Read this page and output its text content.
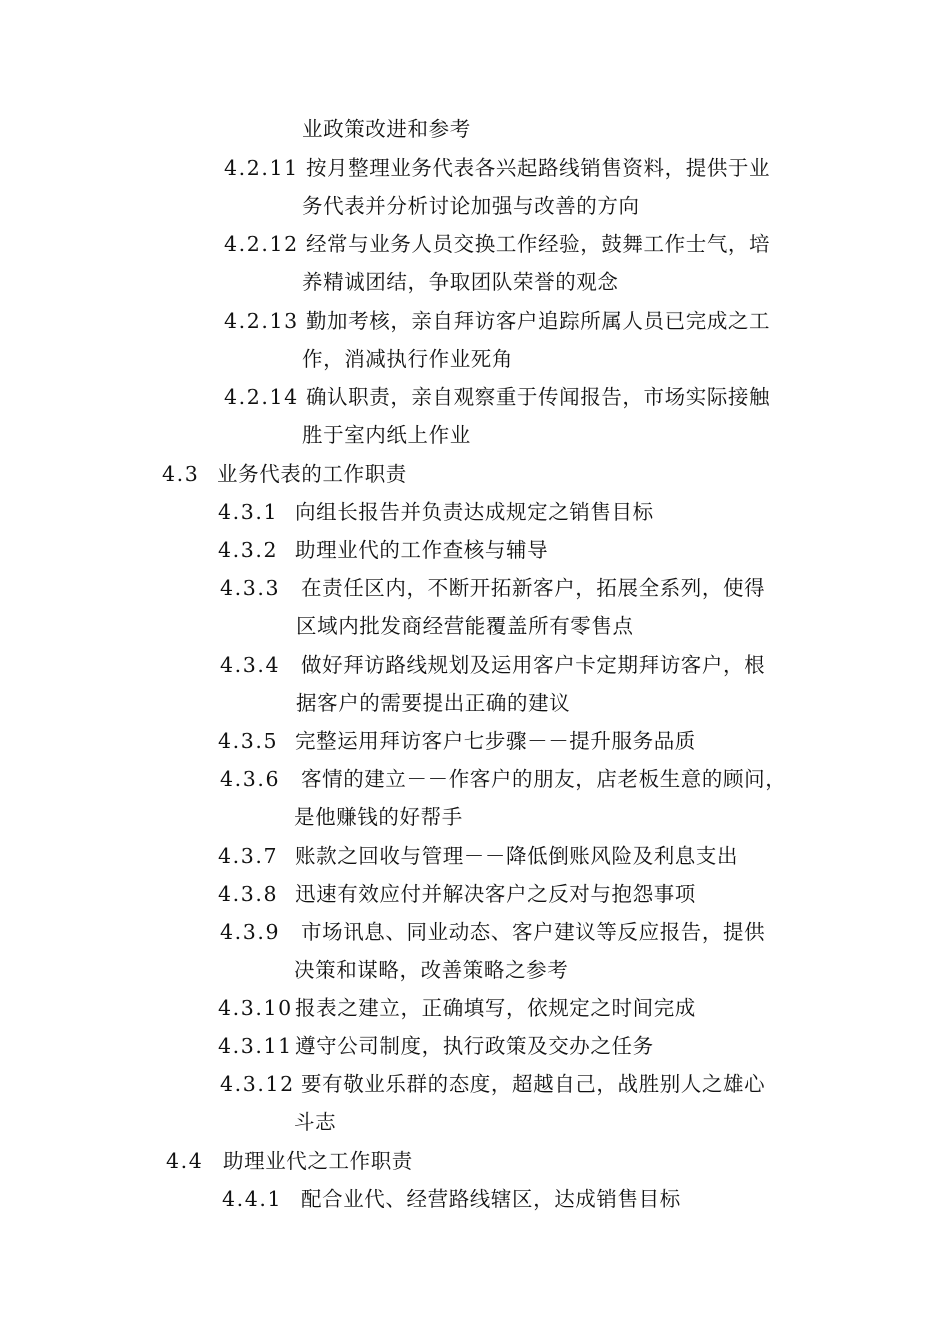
业政策改进和参考
4.2.11 按月整理业务代表各兴起路线销售资料，提供于业
务代表并分析讨论加强与改善的方向
4.2.12 经常与业务人员交换工作经验，鼓舞工作士气，培
养精诚团结，争取团队荣誉的观念
4.2.13 勤加考核，亲自拜访客户追踪所属人员已完成之工
作，消减执行作业死角
4.2.14 确认职责，亲自观察重于传闻报告，市场实际接触
胜于室内纸上作业
4.3 业务代表的工作职责
4.3.1 向组长报告并负责达成规定之销售目标
4.3.2 助理业代的工作查核与辅导
4.3.3 在责任区内，不断开拓新客户，拓展全系列，使得
区域内批发商经营能覆盖所有零售点
4.3.4 做好拜访路线规划及运用客户卡定期拜访客户，根
据客户的需要提出正确的建议
4.3.5 完整运用拜访客户七步骤－－提升服务品质
4.3.6 客情的建立－－作客户的朋友，店老板生意的顾问，
是他赚钱的好帮手
4.3.7 账款之回收与管理－－降低倒账风险及利息支出
4.3.8 迅速有效应付并解决客户之反对与抱怨事项
4.3.9 市场讯息、同业动态、客户建议等反应报告，提供
决策和谋略，改善策略之参考
4.3.10 报表之建立，正确填写，依规定之时间完成
4.3.11 遵守公司制度，执行政策及交办之任务
4.3.12 要有敬业乐群的态度，超越自己，战胜别人之雄心
斗志
4.4 助理业代之工作职责
4.4.1 配合业代、经营路线辖区，达成销售目标
